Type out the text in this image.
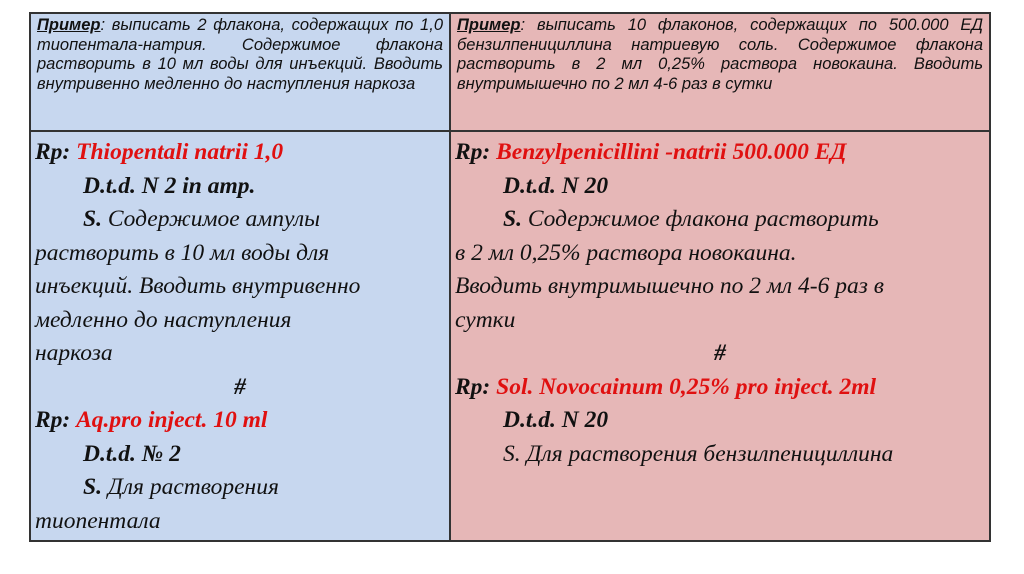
Пример: выписать 2 флакона, содержащих по 1,0 тиопентала-натрия. Содержимое флакона растворить в 10 мл воды для инъекций. Вводить внутривенно медленно до наступления наркоза
Пример: выписать 10 флаконов, содержащих по 500.000 ЕД бензилпенициллина натриевую соль. Содержимое флакона растворить в 2 мл 0,25% раствора новокаина. Вводить внутримышечно по 2 мл 4-6 раз в сутки
Rp: Thiopentali natrii 1,0
D.t.d. N 2 in amp.
S. Содержимое ампулы
растворить в 10 мл воды для
инъекций. Вводить внутривенно
медленно до наступления
наркоза
#
Rp: Aq.pro inject. 10 ml
D.t.d. № 2
S. Для растворения
тиопентала
Rp: Benzylpenicillini -natrii 500.000 ЕД
D.t.d. N 20
S. Содержимое флакона растворить
в 2 мл 0,25% раствора новокаина.
Вводить внутримышечно по 2 мл 4-6 раз в
сутки
#
Rp: Sol. Novocainum 0,25% pro inject. 2ml
D.t.d. N 20
S. Для растворения бензилпенициллина
